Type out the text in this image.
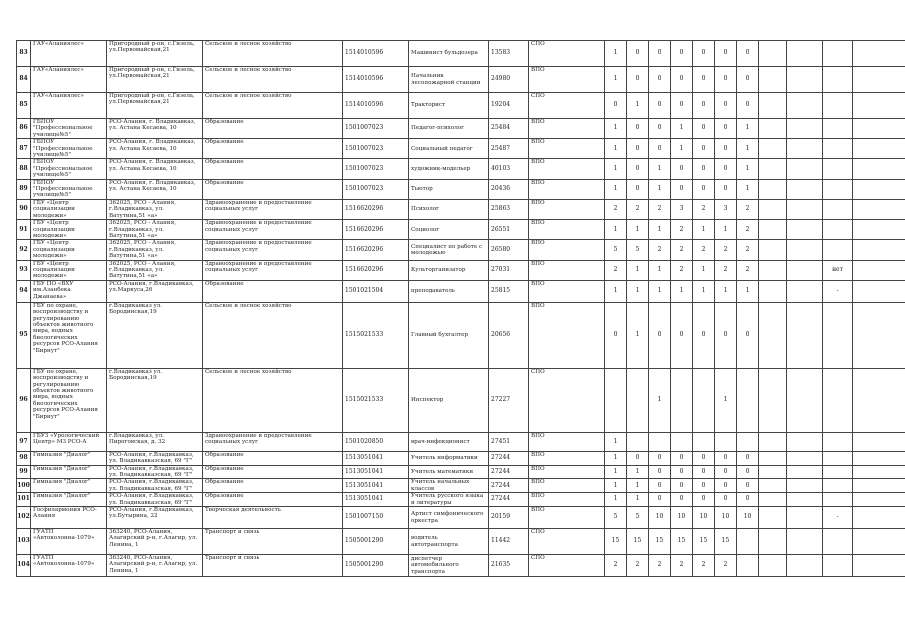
83	ГАУ«Аланиялес»	Пригородный р-он, с.Гизель, ул.Первомайская,21	Сельское и лесное хозяйство	1514010596	Машинист бульдозера	13583	СПО	1	0	0	0	0	0	0				
84	ГАУ«Аланиялес»	Пригородный р-он, с.Гизель, ул.Первомайская,21	Сельское и лесное хозяйство	1514010596	Начальник лесопожарной станции	24980	ВПО	1	0	0	0	0	0	0				
85	ГАУ«Аланиялес»	Пригородный р-он, с.Гизель, ул.Первомайская,21	Сельское и лесное хозяйство	1514010596	Тракторист	19204	СПО	0	1	0	0	0	0	0				
86	ГБПОУ "Профессиональное училище№5"	РСО-Алания, г. Владикавказ, ул. Астана Кесаева, 10	Образование	1501007023	Педагог-психолог	25484	ВПО	1	0	0	1	0	0	1				
87	ГБПОУ "Профессиональное училище№5"	РСО-Алания, г. Владикавказ, ул. Астана Кесаева, 10	Образование	1501007023	Социальный педагог	25487	ВПО	1	0	0	1	0	0	1				
88	ГБПОУ "Профессиональное училище№5"	РСО-Алания, г. Владикавказ, ул. Астана Кесаева, 10	Образование	1501007023	художник-модельер	40103	ВПО	1	0	1	0	0	0	1				
89	ГБПОУ "Профессиональное училище№5"	РСО-Алания, г. Владикавказ, ул. Астана Кесаева, 10	Образование	1501007023	Тьютор	20436	ВПО	1	0	1	0	0	0	1				
90	ГБУ «Центр социализации молодежи»	362025, РСО - Алания, г.Владикавказ, ул. Ватутина,51 «а»	Здравоохранение и предоставление социальных услуг	1516620296	Психолог	25863	ВПО	2	2	2	3	2	3	2				
91	ГБУ «Центр социализации молодежи»	362025, РСО - Алания, г.Владикавказ, ул. Ватутина,51 «а»	Здравоохранение и предоставление социальных услуг	1516620296	Социолог	26551	ВПО	1	1	1	2	1	1	2				
92	ГБУ «Центр социализации молодежи»	362025, РСО - Алания, г.Владикавказ, ул. Ватутина,51 «а»	Здравоохранение и предоставление социальных услуг	1516620296	Специалист по работе с молодежью	26580	ВПО	5	5	2	2	2	2	2				
93	ГБУ «Центр социализации молодежи»	362025, РСО - Алания, г.Владикавказ, ул. Ватутина,51 «а»	Здравоохранение и предоставление социальных услуг	1516620296	Культорганизатор	27031	ВПО	2	1	1	2	1	2	2			нет	
94	ГБУ ПО «ВХУ им.Азанбека Джанаева»	РСО-Алания, г.Владикавказ, ул.Маркуса,26	Образование	1501021504	преподаватель	25815	ВПО	1	1	1	1	1	1	1			-	
95	ГБУ по охране, воспроизводству и регулированию объектов животного мира, водных биологических ресурсов РСО-Алания "Бирнут"	г.Владикавказ ул. Бородинская,19	Сельское и лесное хозяйство	1515021533	Главный бухгалтер	20656	ВПО	0	1	0	0	0	0	0				
96	ГБУ по охране, воспроизводству и регулированию объектов животного мира, водных биологических ресурсов РСО-Алания "Бирнут"	г.Владикавказ ул. Бородинская,19	Сельское и лесное хозяйство	1515021533	Инспектор	27227	СПО			1			1					
97	ГБУЗ «Урологический Центр» МЗ РСО-А	г.Владикавказ, ул. Пироговская, д. 32	Здравоохранение и предоставление социальных услуг	1501020850	врач-инфекционист	27451	ВПО	1										
98	Гимназия "Диалог"	РСО-Алания, г.Владикавказ, ул. Владикавказская, 69 "Г"	Образование	1513051041	Учитель информатики	27244	ВПО	1	0	0	0	0	0	0				
99	Гимназия "Диалог"	РСО-Алания, г.Владикавказ, ул. Владикавказская, 69 "Г"	Образование	1513051041	Учитель математики	27244	ВПО	1	1	0	0	0	0	0				
100	Гимназия "Диалог"	РСО-Алания, г.Владикавказ, ул. Владикавказская, 69 "Г"	Образование	1513051041	Учитель начальных классов	27244	ВПО	1	1	0	0	0	0	0				
101	Гимназия "Диалог"	РСО-Алания, г.Владикавказ, ул. Владикавказская, 69 "Г"	Образование	1513051041	Учитель русского языка и литературы	27244	ВПО	1	1	0	0	0	0	0				
102	Госфилармония РСО-Алания	РСО-Алания, г.Владикавказ, ул.Бутырина, 22	Творческая деятельность	1501007150	Артист симфонического оркестра	20159	ВПО	5	5	10	10	10	10	10			-	
103	ГУАТП «Автоколонна-1079»	363240, РСО-Алания, Алагирский р-н, г.Алагир, ул. Ленина, 1	Транспорт и связь	1505001290	водитель автотранспорта	11442	СПО	15	15	15	15	15	15					
104	ГУАТП «Автоколонна-1079»	363240, РСО-Алания, Алагирский р-н, г.Алагир, ул. Ленина, 1	Транспорт и связь	1505001290	диспетчер автомобильного транспорта	21635	СПО	2	2	2	2	2	2					
